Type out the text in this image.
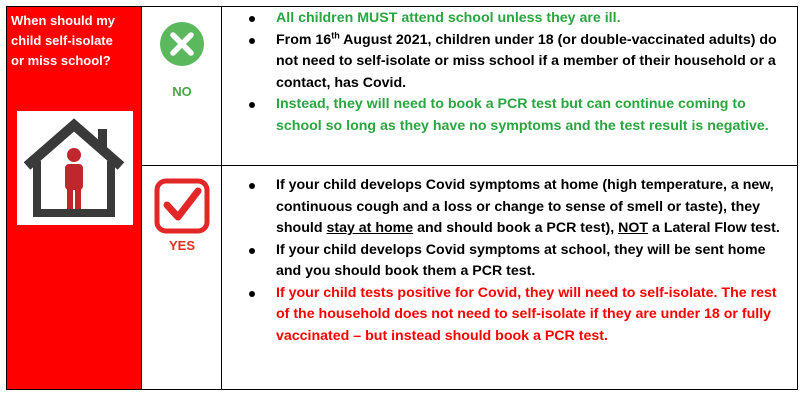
When should my
child self-isolate
or miss school?
NO
All children MUST attend school unless they are ill.
From 16th August 2021, children under 18 (or double-vaccinated adults) do not need to self-isolate or miss school if a member of their household or a contact, has Covid.
Instead, they will need to book a PCR test but can continue coming to school so long as they have no symptoms and the test result is negative.
YES
If your child develops Covid symptoms at home (high temperature, a new, continuous cough and a loss or change to sense of smell or taste), they should stay at home and should book a PCR test), NOT a Lateral Flow test.
If your child develops Covid symptoms at school, they will be sent home and you should book them a PCR test.
If your child tests positive for Covid, they will need to self-isolate. The rest of the household does not need to self-isolate if they are under 18 or fully vaccinated – but instead should book a PCR test.
